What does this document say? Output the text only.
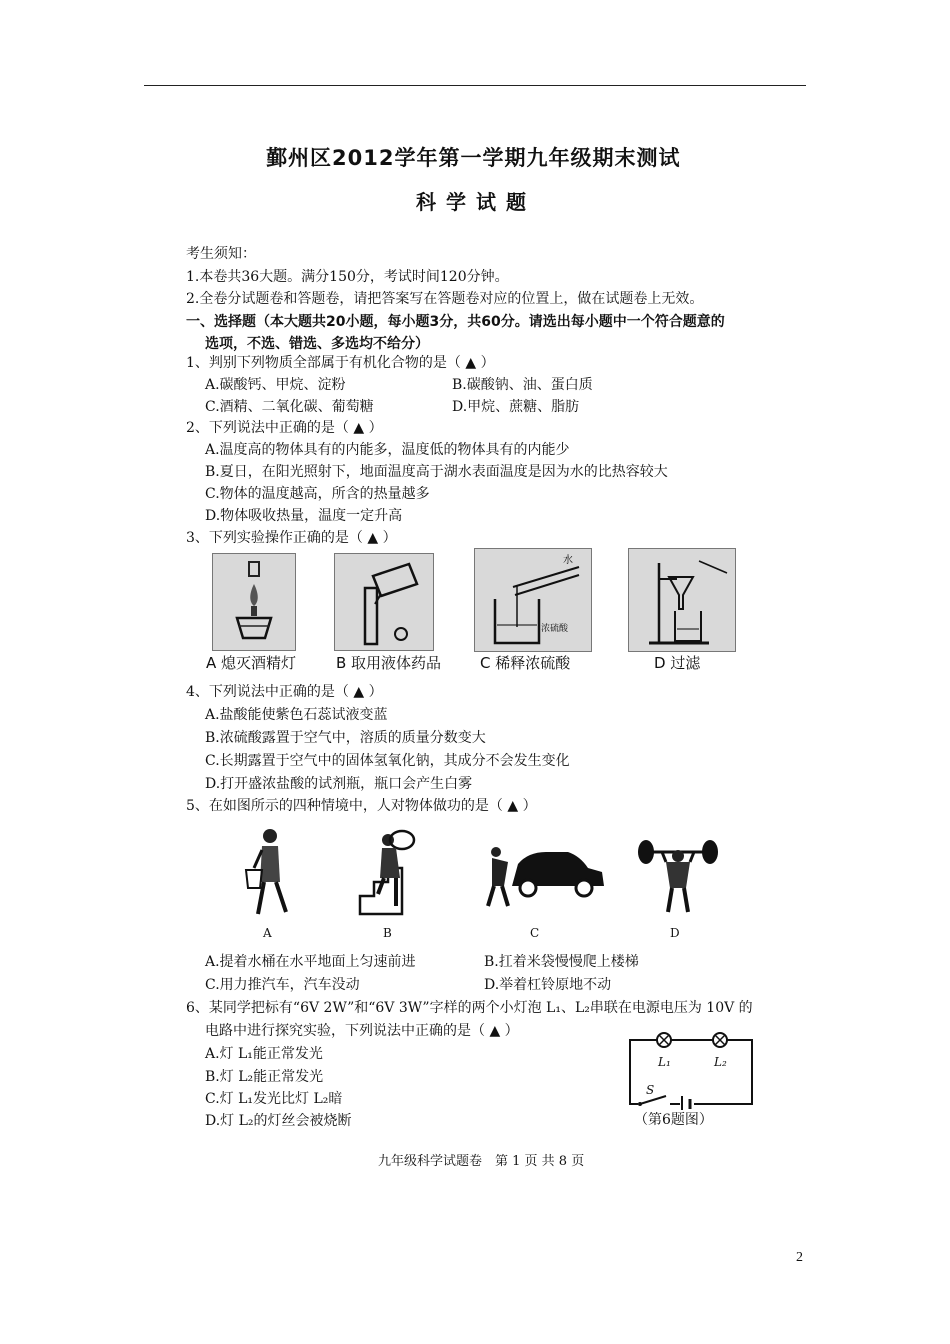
鄞州区2012学年第一学期九年级期末测试
科学试题
考生须知：
1.本卷共36大题。满分150分，考试时间120分钟。
2.全卷分试题卷和答题卷，请把答案写在答题卷对应的位置上，做在试题卷上无效。
一、选择题（本大题共20小题，每小题3分，共60分。请选出每小题中一个符合题意的
选项，不选、错选、多选均不给分）
1、判别下列物质全部属于有机化合物的是（ ▲ ）
A.碳酸钙、甲烷、淀粉	B.碳酸钠、油、蛋白质
C.酒精、二氧化碳、葡萄糖	D.甲烷、蔗糖、脂肪
2、下列说法中正确的是（ ▲ ）
A.温度高的物体具有的内能多，温度低的物体具有的内能少
B.夏日，在阳光照射下，地面温度高于湖水表面温度是因为水的比热容较大
C.物体的温度越高，所含的热量越多
D.物体吸收热量，温度一定升高
3、下列实验操作正确的是（ ▲ ）
水
浓硫酸
A 熄灭酒精灯	B 取用液体药品	C 稀释浓硫酸	D 过滤
4、下列说法中正确的是（ ▲ ）
A.盐酸能使紫色石蕊试液变蓝
B.浓硫酸露置于空气中，溶质的质量分数变大
C.长期露置于空气中的固体氢氧化钠，其成分不会发生变化
D.打开盛浓盐酸的试剂瓶，瓶口会产生白雾
5、在如图所示的四种情境中，人对物体做功的是（ ▲ ）
A	B	C	D
A.提着水桶在水平地面上匀速前进	B.扛着米袋慢慢爬上楼梯
C.用力推汽车，汽车没动	D.举着杠铃原地不动
6、某同学把标有“6V 2W”和“6V 3W”字样的两个小灯泡 L₁、L₂串联在电源电压为 10V 的
电路中进行探究实验，下列说法中正确的是（ ▲ ）
A.灯 L₁能正常发光
B.灯 L₂能正常发光
C.灯 L₁发光比灯 L₂暗
D.灯 L₂的灯丝会被烧断
L₁	L₂
S
（第6题图）
九年级科学试题卷　第 1 页 共 8 页
2
